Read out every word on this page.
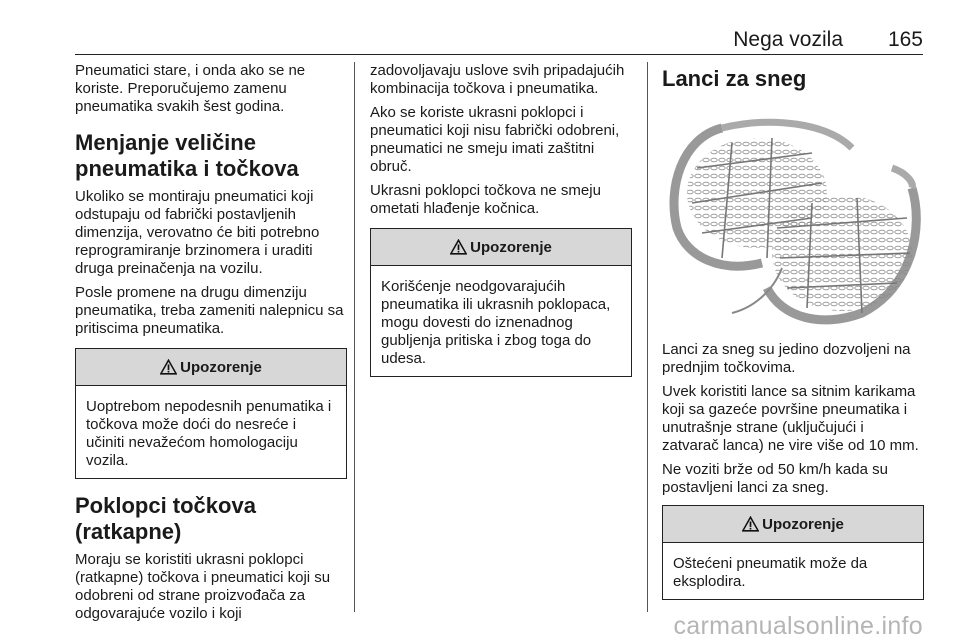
Nega vozila 165

Pneumatici stare, i onda ako se ne koriste. Preporučujemo zamenu pneumatika svakih šest godina.

Menjanje veličine pneumatika i točkova

Ukoliko se montiraju pneumatici koji odstupaju od fabrički postavljenih dimenzija, verovatno će biti potrebno reprogramiranje brzinomera i uraditi druga preinačenja na vozilu.

Posle promene na drugu dimenziju pneumatika, treba zameniti nalepnicu sa pritiscima pneumatika.

Upozorenje

Uoptrebom nepodesnih penumatika i točkova može doći do nesreće i učiniti nevažećom homologaciju vozila.

Poklopci točkova (ratkapne)

Moraju se koristiti ukrasni poklopci (ratkapne) točkova i pneumatici koji su odobreni od strane proizvođača za odgovarajuće vozilo i koji

zadovoljavaju uslove svih pripadajućih kombinacija točkova i pneumatika.

Ako se koriste ukrasni poklopci i pneumatici koji nisu fabrički odobreni, pneumatici ne smeju imati zaštitni obruč.

Ukrasni poklopci točkova ne smeju ometati hlađenje kočnica.

Upozorenje

Korišćenje neodgovarajućih pneumatika ili ukrasnih poklopaca, mogu dovesti do iznenadnog gubljenja pritiska i zbog toga do udesa.

Lanci za sneg

Lanci za sneg su jedino dozvoljeni na prednjim točkovima.

Uvek koristiti lance sa sitnim karikama koji sa gazeće površine pneumatika i unutrašnje strane (uključujući i zatvarač lanca) ne vire više od 10 mm.

Ne voziti brže od 50 km/h kada su postavljeni lanci za sneg.

Upozorenje

Oštećeni pneumatik može da eksplodira.

carmanualsonline.info
